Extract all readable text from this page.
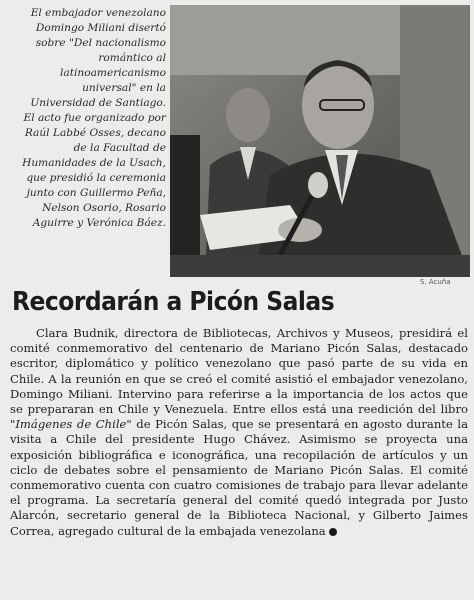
El embajador venezolano
Domingo Miliani disertó
sobre "Del nacionalismo
romántico al
latinoamericanismo
universal" en la
Universidad de Santiago.
El acto fue organizado por
Raúl Labbé Osses, decano
de la Facultad de
Humanidades de la Usach,
que presidió la ceremonia
junto con Guillermo Peña,
Nelson Osorio, Rosario
Aguirre y Verónica Báez.
S. Acuña
Recordarán a Picón Salas

Clara Budnik, directora de Bibliotecas, Archivos y Museos, presidirá el comité conmemorativo del centenario de Mariano Picón Salas, destacado escritor, diplomático y político venezolano que pasó parte de su vida en Chile. A la reunión en que se creó el comité asistió el embajador venezolano, Domingo Miliani. Intervino para referirse a la importancia de los actos que se prepararan en Chile y Venezuela. Entre ellos está una reedición del libro "Imágenes de Chile" de Picón Salas, que se presentará en agosto durante la visita a Chile del presidente Hugo Chávez. Asimismo se proyecta una exposición bibliográfica e iconográfica, una recopilación de artículos y un ciclo de debates sobre el pensamiento de Mariano Picón Salas. El comité conmemorativo cuenta con cuatro comisiones de trabajo para llevar adelante el programa. La secretaría general del comité quedó integrada por Justo Alarcón, secretario general de la Biblioteca Nacional, y Gilberto Jaimes Correa, agregado cultural de la embajada venezolana
